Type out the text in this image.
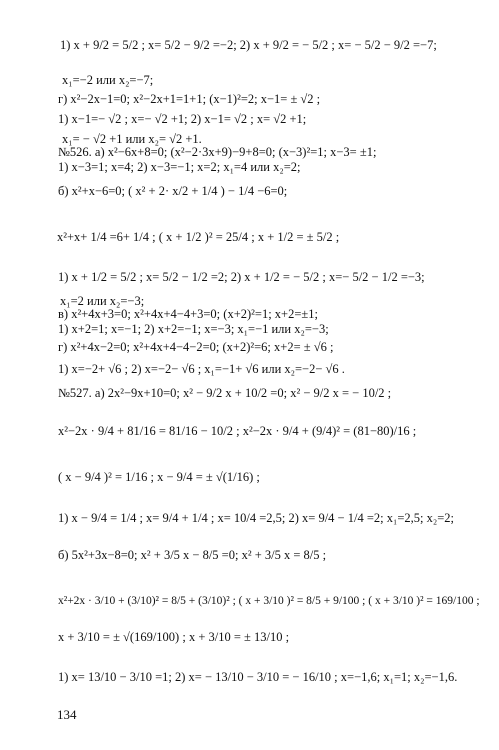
1) x + 9/2 = 5/2 ; x= 5/2 − 9/2 =−2; 2) x + 9/2 = − 5/2 ; x= − 5/2 − 9/2 =−7;
x₁=−2 или x₂=−7;
г) x²−2x−1=0; x²−2x+1=1+1; (x−1)²=2; x−1= ± √2 ;
1) x−1=− √2 ; x=− √2 +1; 2) x−1= √2 ; x= √2 +1;
x₁= − √2 +1 или x₂= √2 +1.
№526. а) x²−6x+8=0; (x²−2·3x+9)−9+8=0; (x−3)²=1; x−3= ±1;
1) x−3=1; x=4; 2) x−3=−1; x=2; x₁=4 или x₂=2;
б) x²+x−6=0; ( x² + 2· x/2 + 1/4 ) − 1/4 −6=0;
x²+x+ 1/4 =6+ 1/4 ; ( x + 1/2 )² = 25/4 ; x + 1/2 = ± 5/2 ;
1) x + 1/2 = 5/2 ; x= 5/2 − 1/2 =2; 2) x + 1/2 = − 5/2 ; x=− 5/2 − 1/2 =−3;
x₁=2 или x₂=−3;
в) x²+4x+3=0; x²+4x+4−4+3=0; (x+2)²=1; x+2=±1;
1) x+2=1; x=−1; 2) x+2=−1; x=−3; x₁=−1 или x₂=−3;
г) x²+4x−2=0; x²+4x+4−4−2=0; (x+2)²=6; x+2= ± √6 ;
1) x=−2+ √6 ; 2) x=−2− √6 ; x₁=−1+ √6 или x₂=−2− √6 .
№527. а) 2x²−9x+10=0; x² − 9/2 x + 10/2 =0; x² − 9/2 x = − 10/2 ;
x²−2x · 9/4 + 81/16 = 81/16 − 10/2 ; x²−2x · 9/4 + (9/4)² = (81−80)/16 ;
( x − 9/4 )² = 1/16 ; x − 9/4 = ± √(1/16) ;
1) x − 9/4 = 1/4 ; x= 9/4 + 1/4 ; x= 10/4 =2,5; 2) x= 9/4 − 1/4 =2; x₁=2,5; x₂=2;
б) 5x²+3x−8=0; x² + 3/5 x − 8/5 =0; x² + 3/5 x = 8/5 ;
x²+2x · 3/10 + (3/10)² = 8/5 + (3/10)² ; ( x + 3/10 )² = 8/5 + 9/100 ; ( x + 3/10 )² = 169/100 ;
x + 3/10 = ± √(169/100) ; x + 3/10 = ± 13/10 ;
1) x= 13/10 − 3/10 =1; 2) x= − 13/10 − 3/10 = − 16/10 ; x=−1,6; x₁=1; x₂=−1,6.
134
